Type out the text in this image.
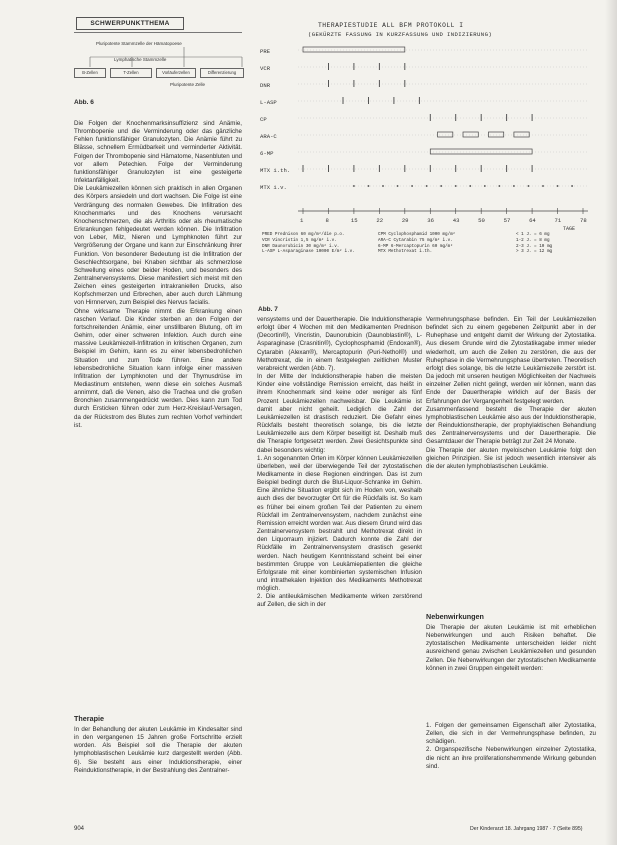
SCHWERPUNKTTHEMA
Pluripotente Stammzelle der Hämatopoese
Lymphatische Stammzelle
B-Zellen	T-Zellen	Vorläuferzellen	Differenzierung
Pluripotente Zelle
Abb. 6
THERAPIESTUDIE ALL BFM PROTOKOLL I
(GEKÜRZTE FASSUNG IN KURZFASSUNG UND INDIZIERUNG)
PRE
VCR
DNR
L-ASP
CP
ARA-C
6-MP
MTX i.th.
MTX i.v.
1	8	15	22	29	36	43	50	57	64	71	78
TAGE
PRED Prednison 60 mg/m²/die p.o.
VCR Vincristin 1,5 mg/m² i.v.
DNR Daunorubicin 30 mg/m² i.v.
L-ASP L-Asparaginase 10000 E/m² i.v.
CPM Cyclophosphamid 1000 mg/m²
ARA-C Cytarabin 75 mg/m² i.v.
6-MP 6-Mercaptopurin 60 mg/m²
MTX Methotrexat i.th.
< 1 J. = 6 mg
1-2 J. = 8 mg
2-3 J. = 10 mg
> 3 J. = 12 mg
Abb. 7

Die Folgen der Knochenmarksinsuffizienz sind Anämie, Thrombopenie und die Verminderung oder das gänzliche Fehlen funktionsfähiger Granulozyten. Die Anämie führt zu Blässe, schnellem Ermüdbarkeit und verminderter Aktivität. Folgen der Thrombopenie sind Hämatome, Nasenbluten und vor allem Petechien. Folge der Verminderung funktionsfähiger Granulozyten ist eine gesteigerte Infektanfälligkeit.

Die Leukämiezellen können sich praktisch in allen Organen des Körpers ansiedeln und dort wachsen. Die Folge ist eine Verdrängung des normalen Gewebes. Die Infiltration des Knochenmarks und des Knochens verursacht Knochenschmerzen, die als Arthritis oder als rheumatische Erkrankungen fehlgedeutet werden können. Die Infiltration von Leber, Milz, Nieren und Lymphknoten führt zur Vergrößerung der Organe und kann zur Einschränkung ihrer Funktion. Von besonderer Bedeutung ist die Infiltration der Geschlechtsorgane, bei Knaben sichtbar als schmerzlose Schwellung eines oder beider Hoden, und besonders des Zentralnervensystems. Diese manifestiert sich meist mit den Zeichen eines gesteigerten intrakraniellen Drucks, also Kopfschmerzen und Erbrechen, aber auch durch Lähmung von Hirnnerven, zum Beispiel des Nervus facialis.

Ohne wirksame Therapie nimmt die Erkrankung einen raschen Verlauf. Die Kinder sterben an den Folgen der fortschreitenden Anämie, einer unstillbaren Blutung, oft im Gehirn, oder einer schweren Infektion. Auch durch eine massive Leukämiezell-Infiltration in kritischen Organen, zum Beispiel im Gehirn, kann es zu einer lebensbedrohlichen Situation und zum Tode führen. Eine andere lebensbedrohliche Situation kann infolge einer massiven Infiltration der Lymphknoten und der Thymusdrüse im Mediastinum entstehen, wenn diese ein solches Ausmaß annimmt, daß die Venen, also die Trachea und die großen Bronchien zusammengedrückt werden. Dies kann zum Tod durch Ersticken führen oder zum Herz-Kreislauf-Versagen, da der Rückstrom des Blutes zum rechten Vorhof verhindert ist.

Therapie
In der Behandlung der akuten Leukämie im Kindesalter sind in den vergangenen 15 Jahren große Fortschritte erzielt worden. Als Beispiel soll die Therapie der akuten lymphoblastischen Leukämie kurz dargestellt werden (Abb. 6). Sie besteht aus einer Induktionstherapie, einer Reinduktionstherapie, in der Bestrahlung des Zentralner-

vensystems und der Dauertherapie. Die Induktionstherapie erfolgt über 4 Wochen mit den Medikamenten Prednison (Decortin®), Vincristin, Daunorubicin (Daunoblastin®), L-Asparaginase (Crasnitin®), Cyclophosphamid (Endoxan®), Cytarabin (Alexan®), Mercaptopurin (Puri-Nethol®) und Methotrexat, die in einem festgelegten zeitlichen Muster verabreicht werden (Abb. 7).

In der Mitte der Induktionstherapie haben die meisten Kinder eine vollständige Remission erreicht, das heißt in ihrem Knochenmark sind keine oder weniger als fünf Prozent Leukämiezellen nachweisbar. Die Leukämie ist damit aber nicht geheilt. Lediglich die Zahl der Leukämiezellen ist drastisch reduziert. Die Gefahr eines Rückfalls besteht theoretisch solange, bis die letzte Leukämiezelle aus dem Körper beseitigt ist. Deshalb muß die Therapie fortgesetzt werden. Zwei Gesichtspunkte sind dabei besonders wichtig:

1. An sogenannten Orten im Körper können Leukämiezellen überleben, weil der überwiegende Teil der zytostatischen Medikamente in diese Regionen eindringen. Das ist zum Beispiel bedingt durch die Blut-Liquor-Schranke im Gehirn. Eine ähnliche Situation ergibt sich im Hoden von, weshalb auch dies der bevorzugter Ort für die Rückfalls ist. So kam es früher bei einem großen Teil der Patienten zu einem Rückfall im Zentralnervensystem, nachdem zunächst eine Remission erreicht worden war. Aus diesem Grund wird das Zentralnervensystem bestrahlt und Methotrexat direkt in den Liquorraum injiziert. Dadurch konnte die Zahl der Rückfälle im Zentralnervensystem drastisch gesenkt werden. Nach heutigem Kenntnisstand scheint bei einer bestimmten Gruppe von Leukämiepatienten die gleiche Erfolgsrate mit einer kombinierten systemischen Infusion und intrathekalen Injektion des Medikaments Methotrexat möglich.

2. Die antileukämischen Medikamente wirken zerstörend auf Zellen, die sich in der

Vermehrungsphase befinden. Ein Teil der Leukämiezellen befindet sich zu einem gegebenen Zeitpunkt aber in der Ruhephase und entgeht damit der Wirkung der Zytostatika. Aus diesem Grunde wird die Zytostatikagabe immer wieder wiederholt, um auch die Zellen zu zerstören, die aus der Ruhephase in die Vermehrungsphase übertreten. Theoretisch erfolgt dies solange, bis die letzte Leukämiezelle zerstört ist. Da jedoch mit unseren heutigen Möglichkeiten der Nachweis einzelner Zellen nicht gelingt, werden wir können, wann das Ende der Dauertherapie wirklich auf der Basis der Erfahrungen der Vergangenheit festgelegt werden.

Zusammenfassend besteht die Therapie der akuten lymphoblastischen Leukämie also aus der Induktionstherapie, der Reinduktionstherapie, der prophylaktischen Behandlung des Zentralnervensystems und der Dauertherapie. Die Gesamtdauer der Therapie beträgt zur Zeit 24 Monate.

Die Therapie der akuten myeloischen Leukämie folgt den gleichen Prinzipien. Sie ist jedoch wesentlich intensiver als die der akuten lymphoblastischen Leukämie.

Nebenwirkungen
Die Therapie der akuten Leukämie ist mit erheblichen Nebenwirkungen und auch Risiken behaftet. Die zytostatischen Medikamente unterscheiden leider nicht ausreichend genau zwischen Leukämiezellen und gesunden Zellen. Die Nebenwirkungen der zytostatischen Medikamente können in zwei Gruppen eingeteilt werden:

1. Folgen der gemeinsamen Eigenschaft aller Zytostatika, Zellen, die sich in der Vermehrungsphase befinden, zu schädigen.

2. Organspezifische Nebenwirkungen einzelner Zytostatika, die nicht an ihre proliferationshemmende Wirkung gebunden sind.

904	Der Kinderarzt 18. Jahrgang 1987 · 7 (Seite 895)
